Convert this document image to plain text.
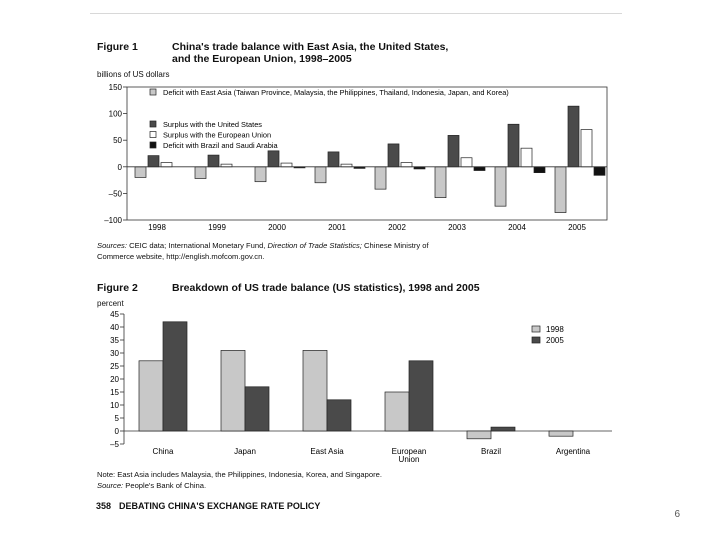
Figure 1	China's trade balance with East Asia, the United States,
and the European Union, 1998–2005
billions of US dollars
–100
–50
0
50
100
150
1998	1999	2000	2001	2002	2003	2004	2005
Deficit with East Asia (Taiwan Province, Malaysia, the Philippines, Thailand, Indonesia, Japan, and Korea)
Surplus with the United States
Surplus with the European Union
Deficit with Brazil and Saudi Arabia
Sources: CEIC data; International Monetary Fund, Direction of Trade Statistics; Chinese Ministry of
Commerce website, http://english.mofcom.gov.cn.
Figure 2	Breakdown of US trade balance (US statistics), 1998 and 2005
percent
–5
0
5
10
15
20
25
30
35
40
45
China	Japan	East Asia	European Union
Brazil	Argentina
1998
2005
Note: East Asia includes Malaysia, the Philippines, Indonesia, Korea, and Singapore.
Source: People's Bank of China.
358 DEBATING CHINA'S EXCHANGE RATE POLICY
6
